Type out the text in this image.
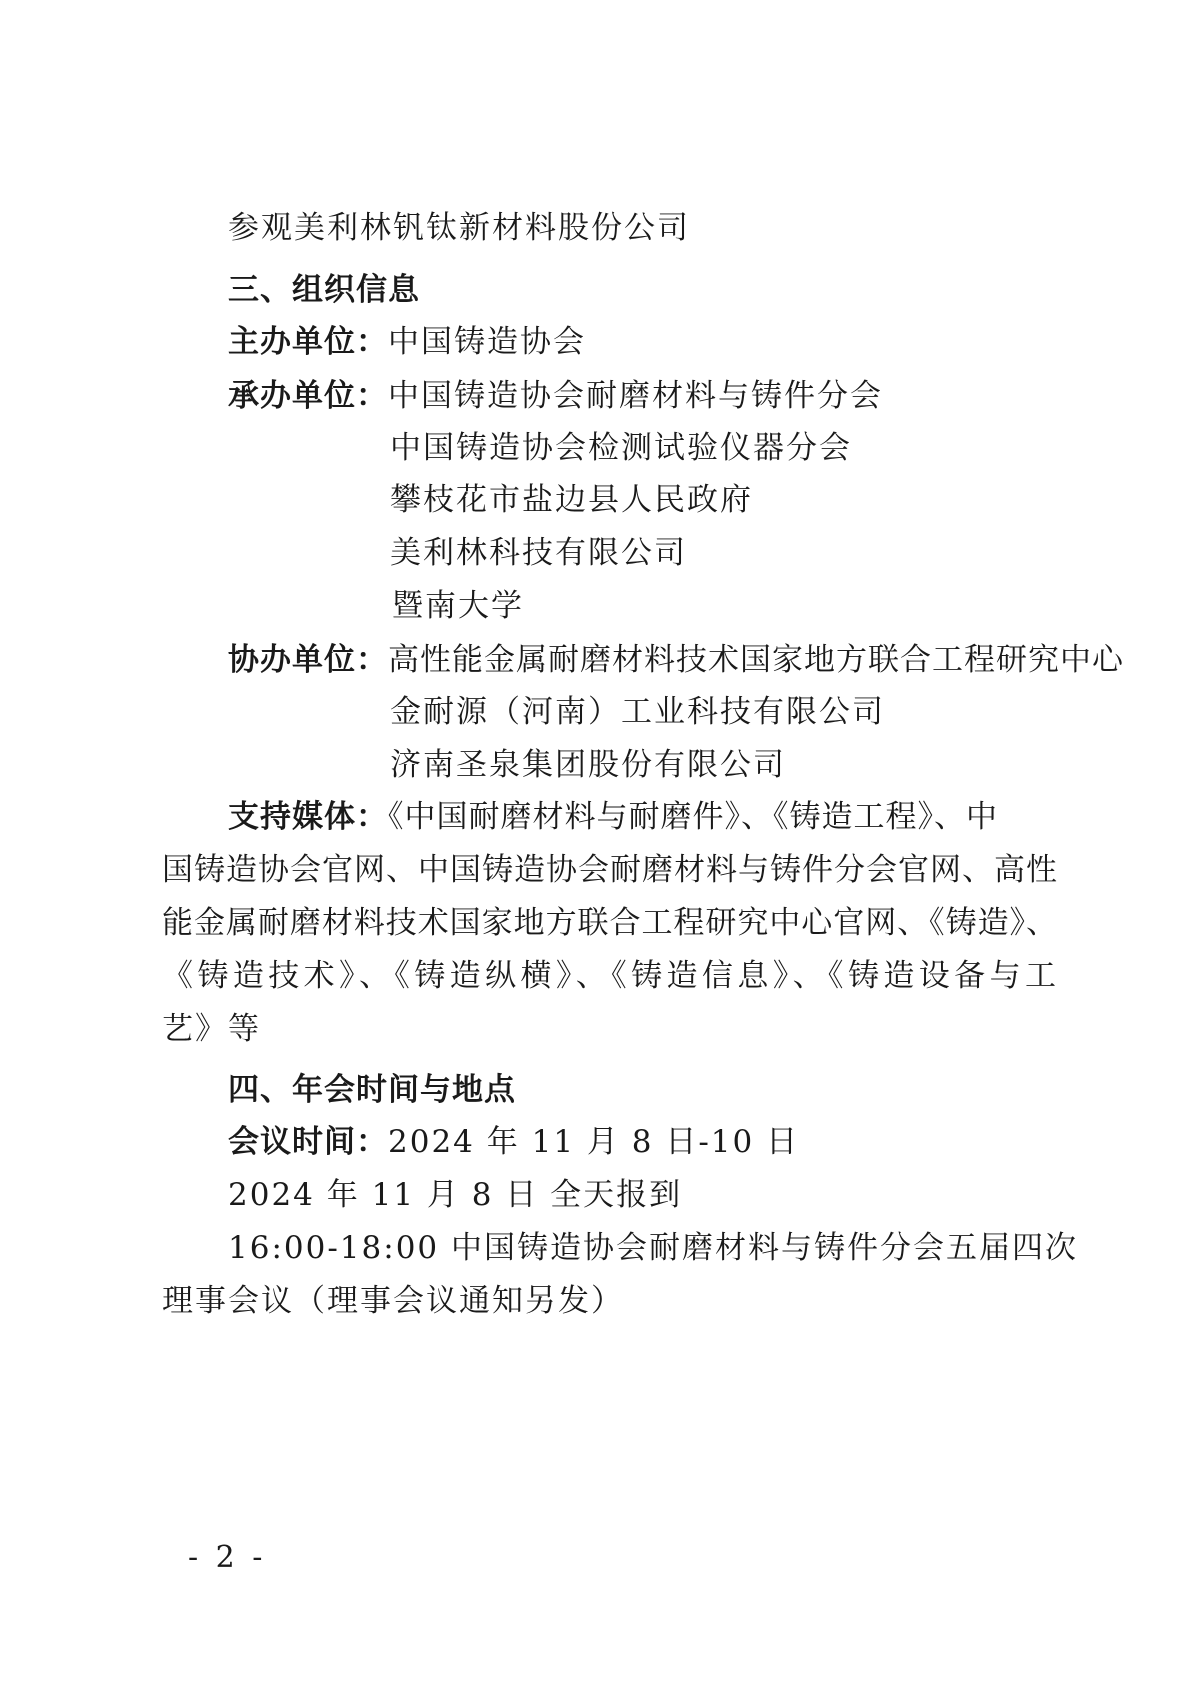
参观美利林钒钛新材料股份公司
三、组织信息
主办单位：中国铸造协会
承办单位：中国铸造协会耐磨材料与铸件分会
中国铸造协会检测试验仪器分会
攀枝花市盐边县人民政府
美利林科技有限公司
暨南大学
协办单位：高性能金属耐磨材料技术国家地方联合工程研究中心
金耐源（河南）工业科技有限公司
济南圣泉集团股份有限公司
支持媒体：《中国耐磨材料与耐磨件》、《铸造工程》、中
国铸造协会官网、中国铸造协会耐磨材料与铸件分会官网、高性
能金属耐磨材料技术国家地方联合工程研究中心官网、《铸造》、
《铸造技术》、《铸造纵横》、《铸造信息》、《铸造设备与工
艺》等
四、年会时间与地点
会议时间：2024 年 11 月 8 日-10 日
2024 年 11 月 8 日 全天报到
16:00-18:00 中国铸造协会耐磨材料与铸件分会五届四次
理事会议（理事会议通知另发）
- 2 -
